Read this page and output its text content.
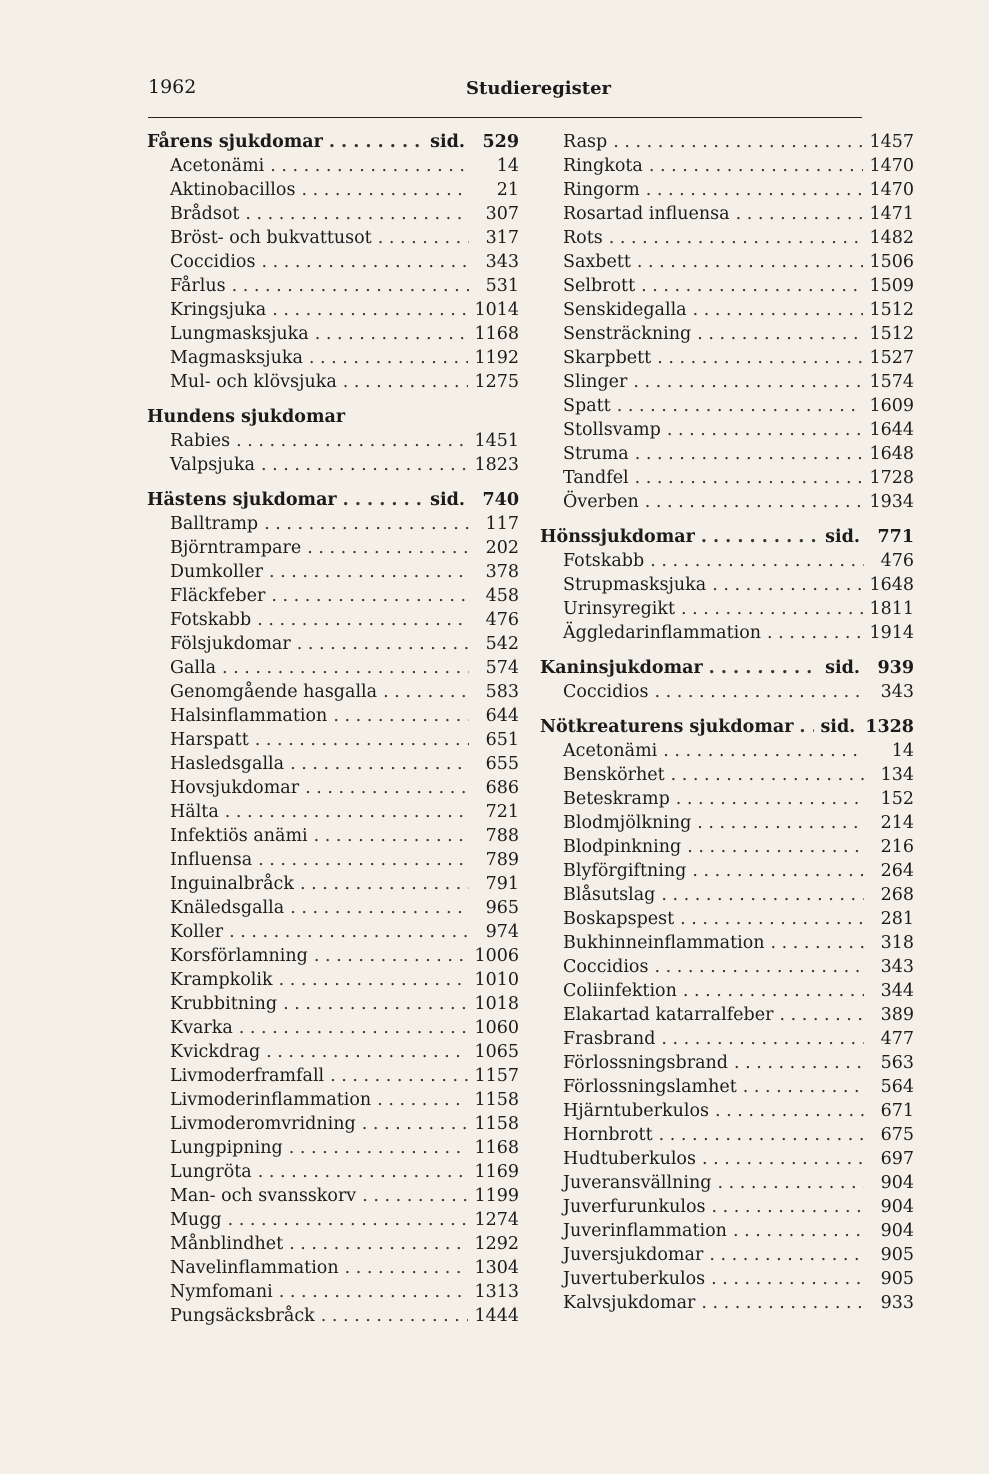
1962	Studieregister
Fårens sjukdomar . . .	sid. 529
Acetonämi . . .	14
Aktinobacillos . . .	21
Brådsot . . .	307
Bröst- och bukvattusot . . .	317
Coccidios . . .	343
Fårlus . . .	531
Kringsjuka . . .	1014
Lungmasksjuka . . .	1168
Magmasksjuka . . .	1192
Mul- och klövsjuka . . .	1275
Hundens sjukdomar
Rabies . . .	1451
Valpsjuka . . .	1823
Hästens sjukdomar . . .	sid. 740
Balltramp . . .	117
Björntrampare . . .	202
Dumkoller . . .	378
Fläckfeber . . .	458
Fotskabb . . .	476
Fölsjukdomar . . .	542
Galla . . .	574
Genomgående hasgalla . . .	583
Halsinflammation . . .	644
Harspatt . . .	651
Hasledsgalla . . .	655
Hovsjukdomar . . .	686
Hälta . . .	721
Infektiös anämi . . .	788
Influensa . . .	789
Inguinalbråck . . .	791
Knäledsgalla . . .	965
Koller . . .	974
Korsförlamning . . .	1006
Krampkolik . . .	1010
Krubbitning . . .	1018
Kvarka . . .	1060
Kvickdrag . . .	1065
Livmoderframfall . . .	1157
Livmoderinflammation . . .	1158
Livmoderomvridning . . .	1158
Lungpipning . . .	1168
Lungröta . . .	1169
Man- och svansskorv . . .	1199
Mugg . . .	1274
Månblindhet . . .	1292
Navelinflammation . . .	1304
Nymfomani . . .	1313
Pungsäcksbråck . . .	1444
Rasp . . .	1457
Ringkota . . .	1470
Ringorm . . .	1470
Rosartad influensa . . .	1471
Rots . . .	1482
Saxbett . . .	1506
Selbrott . . .	1509
Senskidegalla . . .	1512
Sensträckning . . .	1512
Skarpbett . . .	1527
Slinger . . .	1574
Spatt . . .	1609
Stollsvamp . . .	1644
Struma . . .	1648
Tandfel . . .	1728
Överben . . .	1934
Hönssjukdomar . . .	sid. 771
Fotskabb . . .	476
Strupmasksjuka . . .	1648
Urinsyregikt . . .	1811
Äggledarinflammation . . .	1914
Kaninsjukdomar . . .	sid. 939
Coccidios . . .	343
Nötkreaturens sjukdomar . . . sid. 1328
Acetonämi . . .	14
Benskörhet . . .	134
Beteskramp . . .	152
Blodmjölkning . . .	214
Blodpinkning . . .	216
Blyförgiftning . . .	264
Blåsutslag . . .	268
Boskapspest . . .	281
Bukhinneinflammation . . .	318
Coccidios . . .	343
Coliinfektion . . .	344
Elakartad katarralfeber . . .	389
Frasbrand . . .	477
Förlossningsbrand . . .	563
Förlossningslamhet . . .	564
Hjärntuberkulos . . .	671
Hornbrott . . .	675
Hudtuberkulos . . .	697
Juveransvällning . . .	904
Juverfurunkulos . . .	904
Juverinflammation . . .	904
Juversjukdomar . . .	905
Juvertuberkulos . . .	905
Kalvsjukdomar . . .	933
